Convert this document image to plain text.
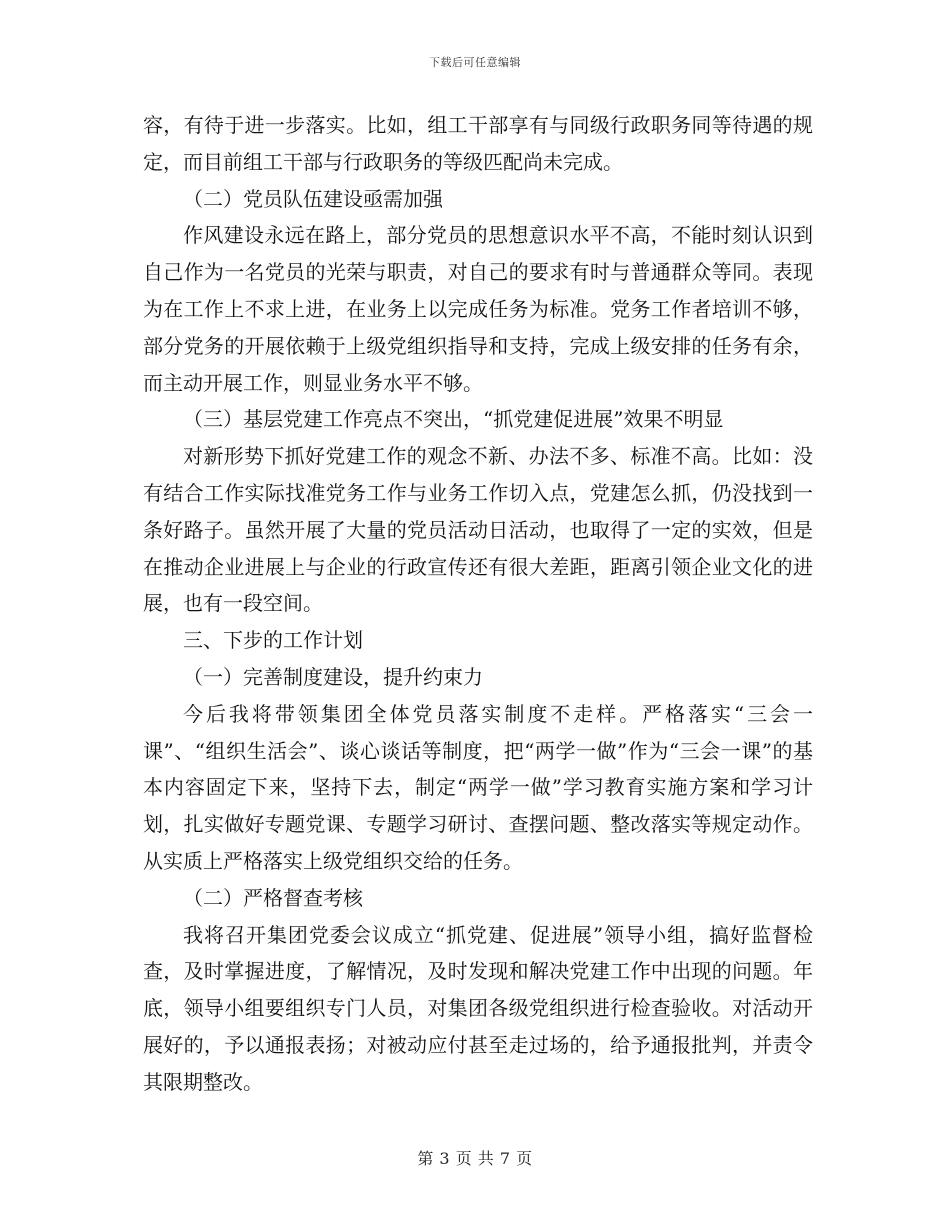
下载后可任意编辑

容，有待于进一步落实。比如，组工干部享有与同级行政职务同等待遇的规定，而目前组工干部与行政职务的等级匹配尚未完成。

（二）党员队伍建设亟需加强

作风建设永远在路上，部分党员的思想意识水平不高，不能时刻认识到自己作为一名党员的光荣与职责，对自己的要求有时与普通群众等同。表现为在工作上不求上进，在业务上以完成任务为标准。党务工作者培训不够，部分党务的开展依赖于上级党组织指导和支持，完成上级安排的任务有余，而主动开展工作，则显业务水平不够。

（三）基层党建工作亮点不突出，“抓党建促进展”效果不明显

对新形势下抓好党建工作的观念不新、办法不多、标准不高。比如：没有结合工作实际找准党务工作与业务工作切入点，党建怎么抓，仍没找到一条好路子。虽然开展了大量的党员活动日活动，也取得了一定的实效，但是在推动企业进展上与企业的行政宣传还有很大差距，距离引领企业文化的进展，也有一段空间。

三、下步的工作计划

（一）完善制度建设，提升约束力

今后我将带领集团全体党员落实制度不走样。严格落实“三会一课”、“组织生活会”、谈心谈话等制度，把“两学一做”作为“三会一课”的基本内容固定下来，坚持下去，制定“两学一做”学习教育实施方案和学习计划，扎实做好专题党课、专题学习研讨、查摆问题、整改落实等规定动作。从实质上严格落实上级党组织交给的任务。

（二）严格督查考核

我将召开集团党委会议成立“抓党建、促进展”领导小组，搞好监督检查，及时掌握进度，了解情况，及时发现和解决党建工作中出现的问题。年底，领导小组要组织专门人员，对集团各级党组织进行检查验收。对活动开展好的，予以通报表扬；对被动应付甚至走过场的，给予通报批判，并责令其限期整改。

第 3 页 共 7 页
